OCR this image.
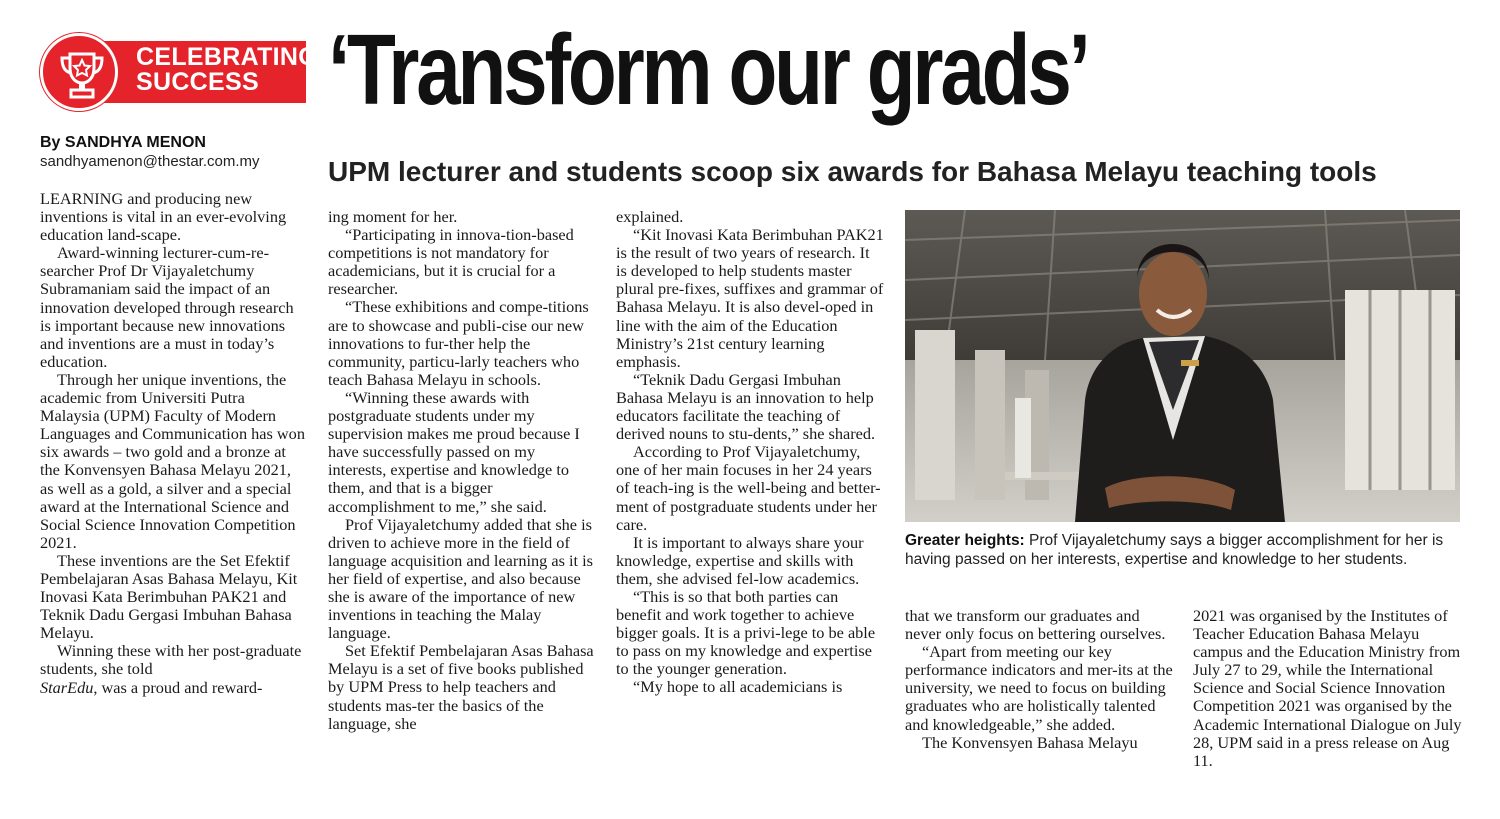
CELEBRATING
SUCCESS ‘Transform our grads’
By SANDHYA MENON
sandhyamenon@thestar.com.my UPM lecturer and students scoop six awards for Bahasa Melayu teaching tools

LEARNING and producing new inventions is vital in an ever-evolving education land-scape.

Award-winning lecturer-cum-re-searcher Prof Dr Vijayaletchumy Subramaniam said the impact of an innovation developed through research is important because new innovations and inventions are a must in today’s education.

Through her unique inventions, the academic from Universiti Putra Malaysia (UPM) Faculty of Modern Languages and Communication has won six awards – two gold and a bronze at the Konvensyen Bahasa Melayu 2021, as well as a gold, a silver and a special award at the International Science and Social Science Innovation Competition 2021.

These inventions are the Set Efektif Pembelajaran Asas Bahasa Melayu, Kit Inovasi Kata Berimbuhan PAK21 and Teknik Dadu Gergasi Imbuhan Bahasa Melayu.

Winning these with her post-graduate students, she told
StarEdu, was a proud and reward-

ing moment for her.

“Participating in innova-tion-based competitions is not mandatory for academicians, but it is crucial for a researcher.

“These exhibitions and compe-titions are to showcase and publi-cise our new innovations to fur-ther help the community, particu-larly teachers who teach Bahasa Melayu in schools.

“Winning these awards with postgraduate students under my supervision makes me proud because I have successfully passed on my interests, expertise and knowledge to them, and that is a bigger accomplishment to me,” she said.

Prof Vijayaletchumy added that she is driven to achieve more in the field of language acquisition and learning as it is her field of expertise, and also because she is aware of the importance of new inventions in teaching the Malay language.

Set Efektif Pembelajaran Asas Bahasa Melayu is a set of five books published by UPM Press to help teachers and students mas-ter the basics of the language, she

explained.

“Kit Inovasi Kata Berimbuhan PAK21 is the result of two years of research. It is developed to help students master plural pre-fixes, suffixes and grammar of Bahasa Melayu. It is also devel-oped in line with the aim of the Education Ministry’s 21st century learning emphasis.

“Teknik Dadu Gergasi Imbuhan Bahasa Melayu is an innovation to help educators facilitate the teaching of derived nouns to stu-dents,” she shared.

According to Prof Vijayaletchumy, one of her main focuses in her 24 years of teach-ing is the well-being and better-ment of postgraduate students under her care.

It is important to always share your knowledge, expertise and skills with them, she advised fel-low academics.

“This is so that both parties can benefit and work together to achieve bigger goals. It is a privi-lege to be able to pass on my knowledge and expertise to the younger generation.

“My hope to all academicians is

Greater heights: Prof Vijayaletchumy says a bigger accomplishment for her is having passed on her interests, expertise and knowledge to her students.

that we transform our graduates and never only focus on bettering ourselves.

“Apart from meeting our key performance indicators and mer-its at the university, we need to focus on building graduates who are holistically talented and knowledgeable,” she added.

The Konvensyen Bahasa Melayu

2021 was organised by the Institutes of Teacher Education Bahasa Melayu campus and the Education Ministry from July 27 to 29, while the International Science and Social Science Innovation Competition 2021 was organised by the Academic International Dialogue on July 28, UPM said in a press release on Aug 11.
